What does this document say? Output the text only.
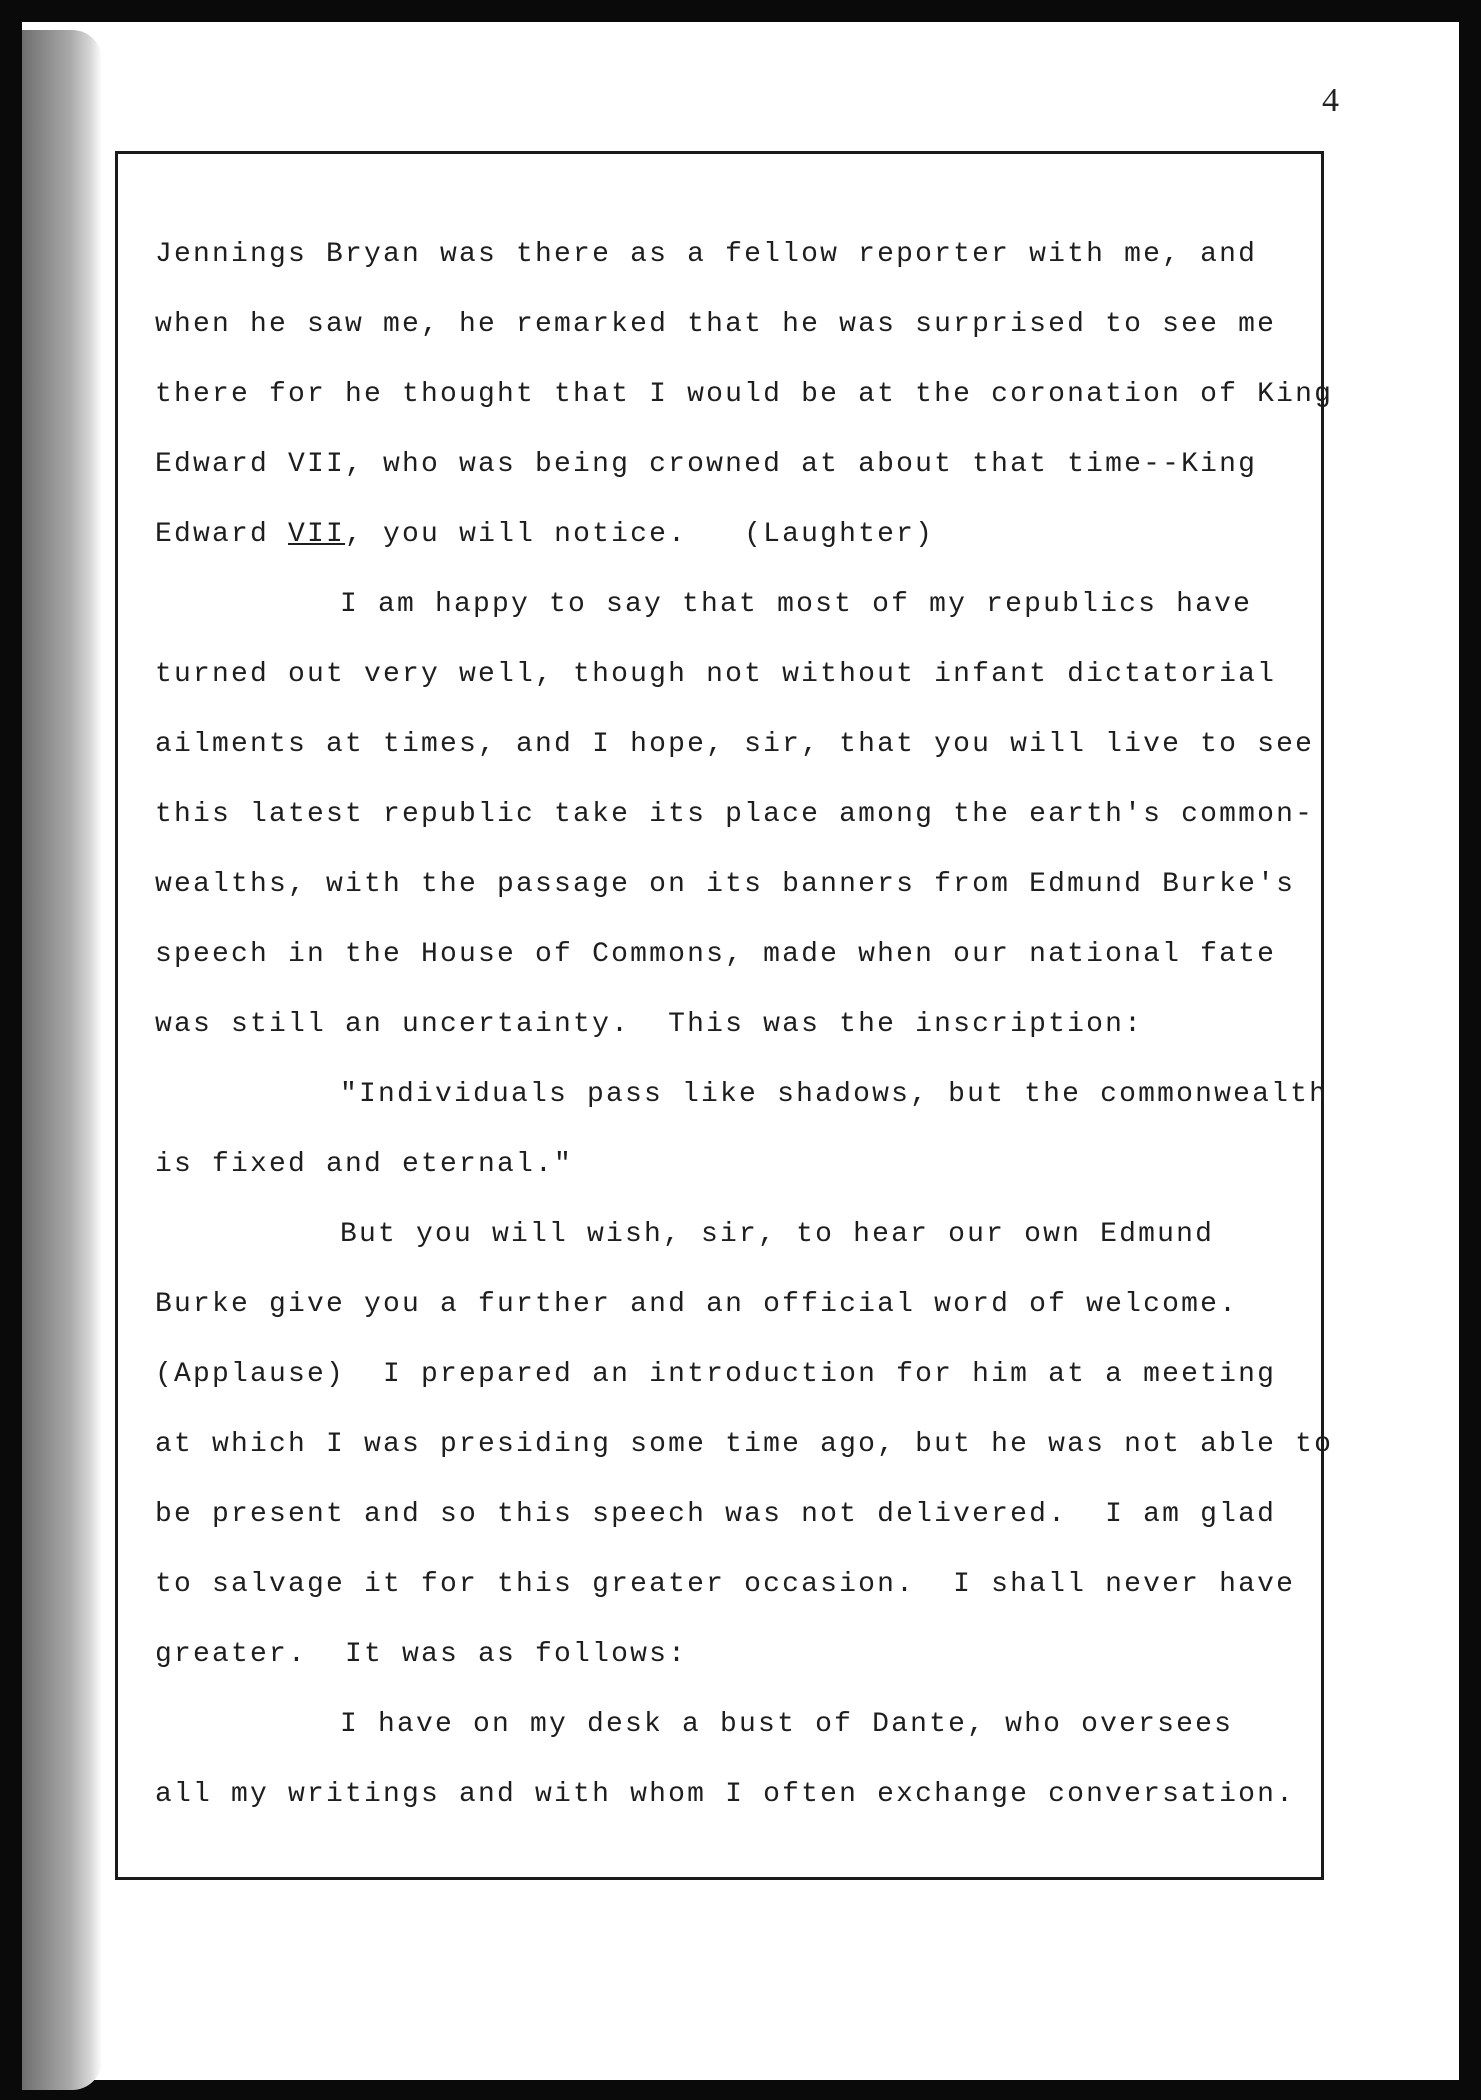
4
Jennings Bryan was there as a fellow reporter with me, and
when he saw me, he remarked that he was surprised to see me
there for he thought that I would be at the coronation of King
Edward VII, who was being crowned at about that time--King
Edward VII, you will notice.   (Laughter)
I am happy to say that most of my republics have
turned out very well, though not without infant dictatorial
ailments at times, and I hope, sir, that you will live to see
this latest republic take its place among the earth's common-
wealths, with the passage on its banners from Edmund Burke's
speech in the House of Commons, made when our national fate
was still an uncertainty.  This was the inscription:
"Individuals pass like shadows, but the commonwealth
is fixed and eternal."
But you will wish, sir, to hear our own Edmund
Burke give you a further and an official word of welcome.
(Applause)  I prepared an introduction for him at a meeting
at which I was presiding some time ago, but he was not able to
be present and so this speech was not delivered.  I am glad
to salvage it for this greater occasion.  I shall never have
greater.  It was as follows:
I have on my desk a bust of Dante, who oversees
all my writings and with whom I often exchange conversation.
